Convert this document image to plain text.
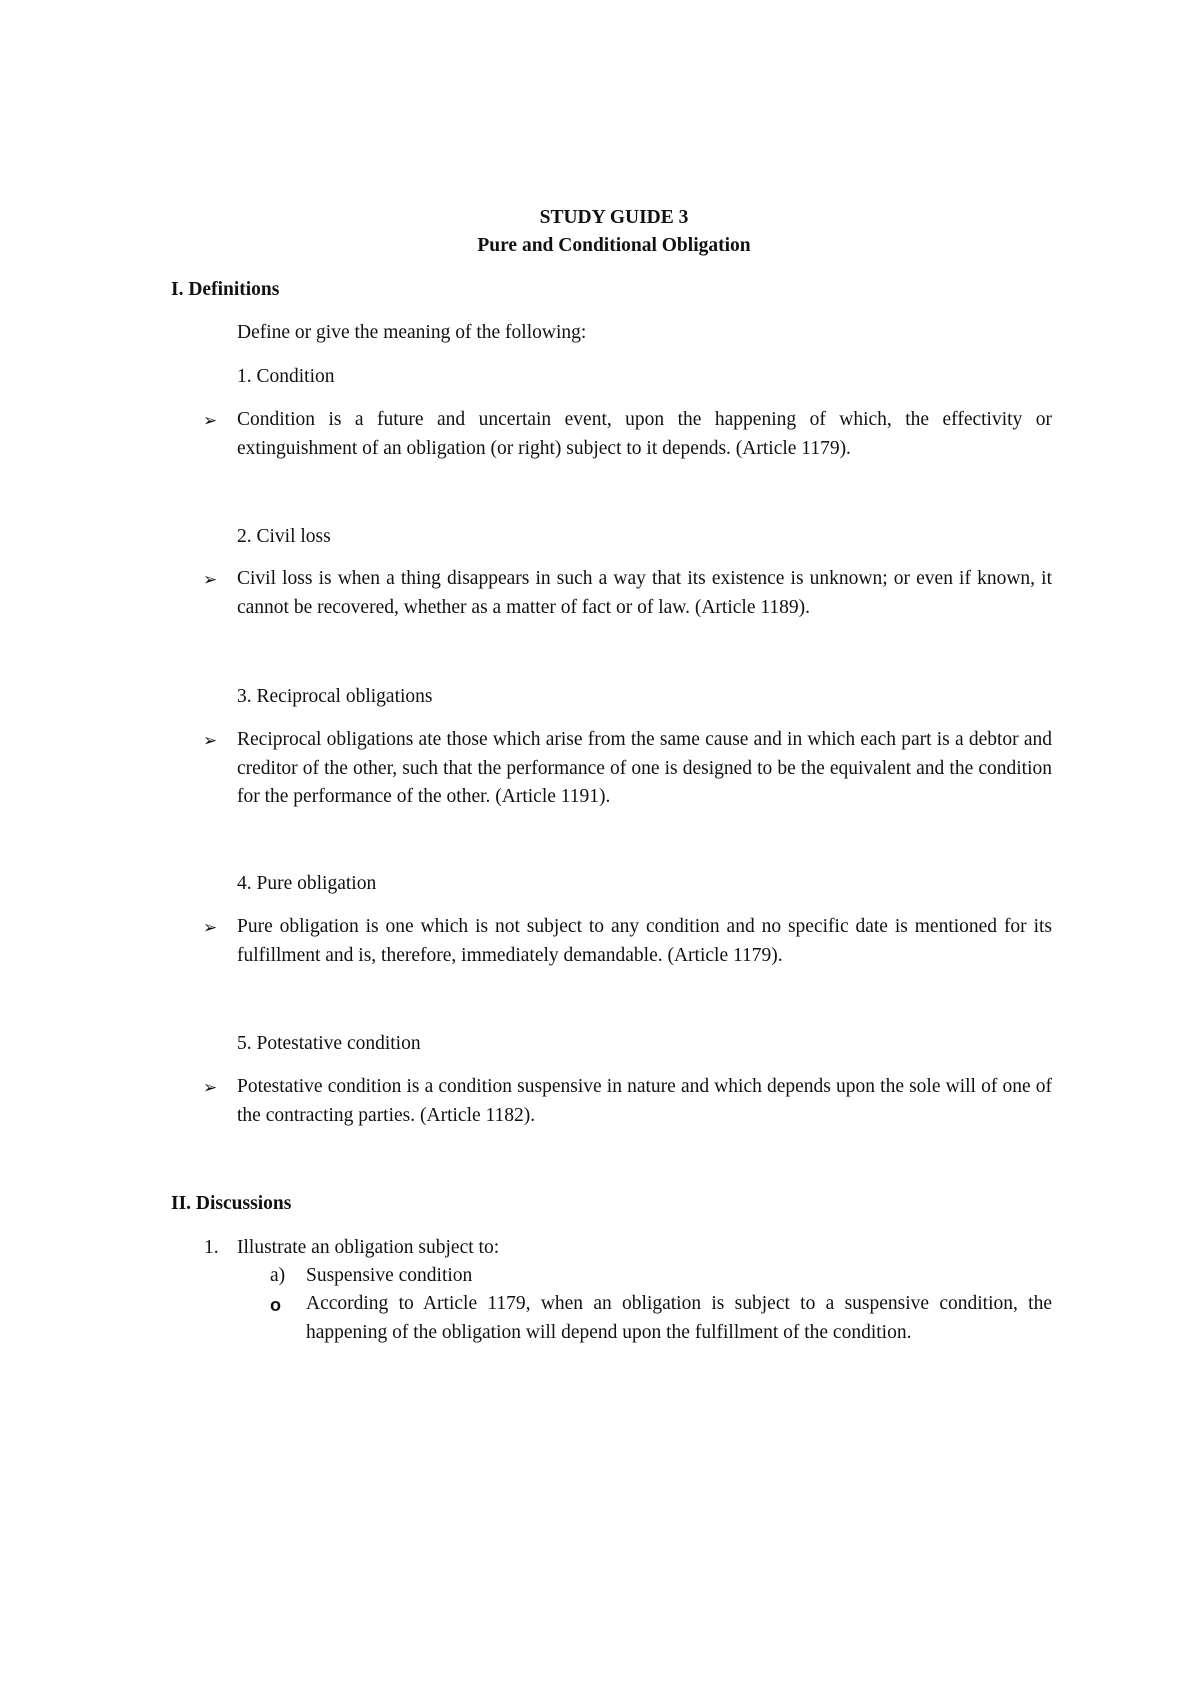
STUDY GUIDE 3
Pure and Conditional Obligation
I. Definitions
Define or give the meaning of the following:
1. Condition
➢ Condition is a future and uncertain event, upon the happening of which, the effectivity or extinguishment of an obligation (or right) subject to it depends. (Article 1179).
2. Civil loss
➢ Civil loss is when a thing disappears in such a way that its existence is unknown; or even if known, it cannot be recovered, whether as a matter of fact or of law. (Article 1189).
3. Reciprocal obligations
➢ Reciprocal obligations ate those which arise from the same cause and in which each part is a debtor and creditor of the other, such that the performance of one is designed to be the equivalent and the condition for the performance of the other. (Article 1191).
4. Pure obligation
➢ Pure obligation is one which is not subject to any condition and no specific date is mentioned for its fulfillment and is, therefore, immediately demandable. (Article 1179).
5. Potestative condition
➢ Potestative condition is a condition suspensive in nature and which depends upon the sole will of one of the contracting parties. (Article 1182).
II. Discussions
1. Illustrate an obligation subject to:
a) Suspensive condition
o According to Article 1179, when an obligation is subject to a suspensive condition, the happening of the obligation will depend upon the fulfillment of the condition.
